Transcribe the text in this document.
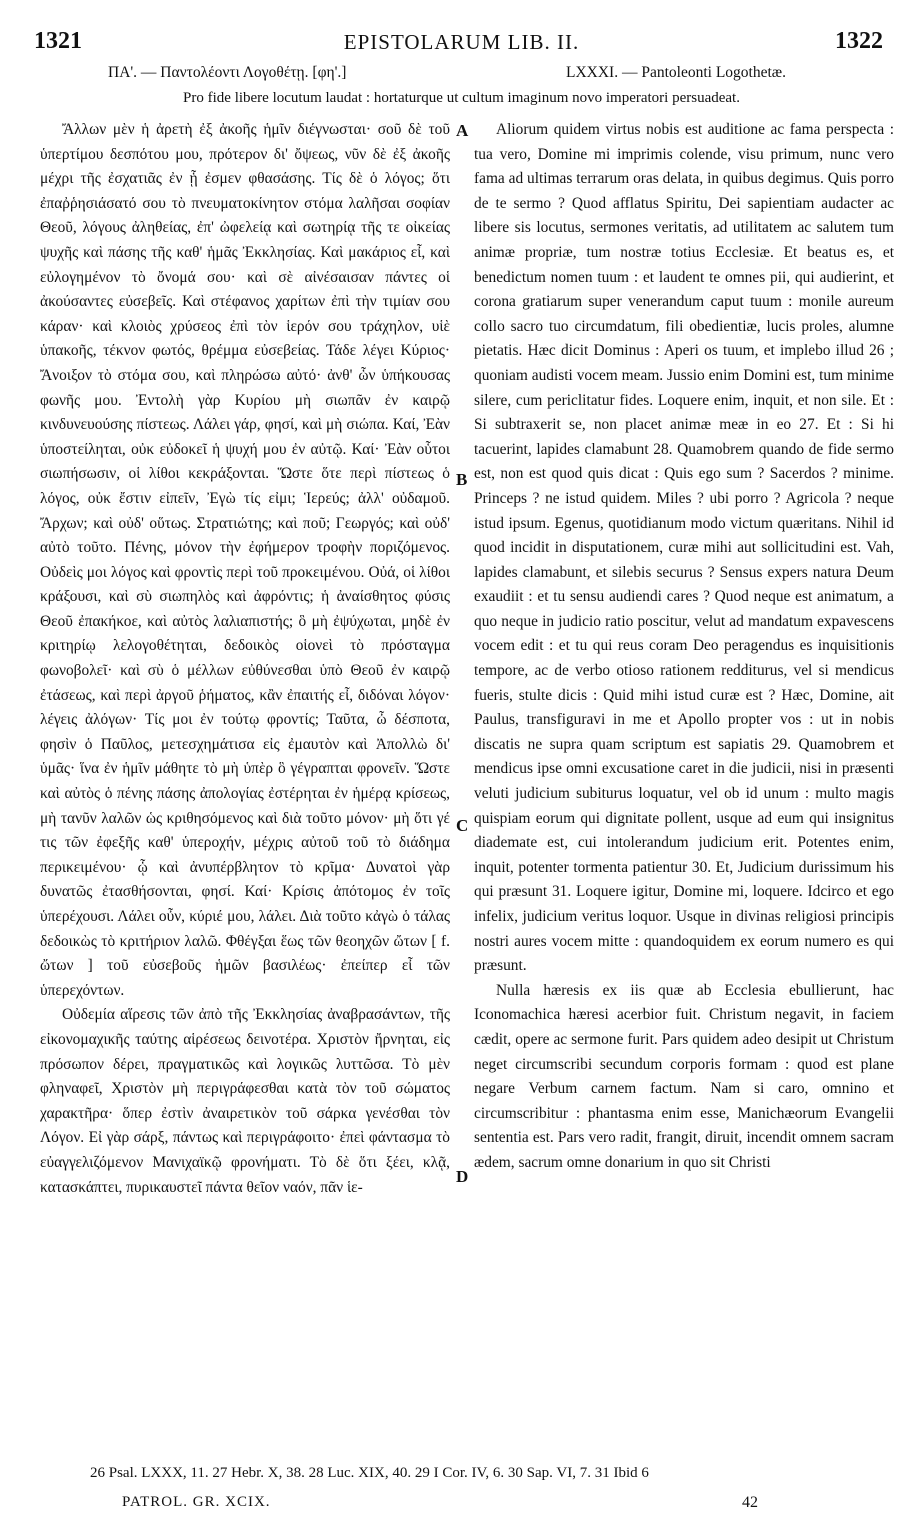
1321	EPISTOLARUM LIB. II.	1322
ΠΑ'. — Παντολέοντι Λογοθέτῃ. [φη'.]	LXXXI. — Pantoleonti Logothetæ.
Pro fide libere locutum laudat : hortaturque ut cultum imaginum novo imperatori persuadeat.

Ἄλλων μὲν ἡ ἀρετὴ ἐξ ἀκοῆς ἡμῖν διέγνωσται· σοῦ δὲ τοῦ ὑπερτίμου δεσπότου μου, πρότερον δι' ὄψεως, νῦν δὲ ἐξ ἀκοῆς μέχρι τῆς ἐσχατιᾶς ἐν ᾗ ἐσμεν φθασάσης. Τίς δὲ ὁ λόγος; ὅτι ἐπαῤῥησιάσατό σου τὸ πνευματοκίνητον στόμα λαλῆσαι σοφίαν Θεοῦ, λόγους ἀληθείας, ἐπ' ὠφελείᾳ καὶ σωτηρίᾳ τῆς τε οἰκείας ψυχῆς καὶ πάσης τῆς καθ' ἡμᾶς Ἐκκλησίας. Καὶ μακάριος εἶ, καὶ εὐλογημένον τὸ ὄνομά σου· καὶ σὲ αἰνέσαισαν πάντες οἱ ἀκούσαντες εὐσεβεῖς. Καὶ στέφανος χαρίτων ἐπὶ τὴν τιμίαν σου κάραν· καὶ κλοιὸς χρύσεος ἐπὶ τὸν ἱερόν σου τράχηλον, υἱὲ ὑπακοῆς, τέκνον φωτός, θρέμμα εὐσεβείας. Τάδε λέγει Κύριος· Ἄνοιξον τὸ στόμα σου, καὶ πληρώσω αὐτό· ἀνθ' ὧν ὑπήκουσας φωνῆς μου. Ἐντολὴ γὰρ Κυρίου μὴ σιωπᾶν ἐν καιρῷ κινδυνευούσης πίστεως. Λάλει γάρ, φησί, καὶ μὴ σιώπα. Καί, Ἐὰν ὑποστείληται, οὐκ εὐδοκεῖ ἡ ψυχή μου ἐν αὐτῷ. Καί· Ἐὰν οὗτοι σιωπήσωσιν, οἱ λίθοι κεκράξονται. Ὥστε ὅτε περὶ πίστεως ὁ λόγος, οὐκ ἔστιν εἰπεῖν, Ἐγὼ τίς εἰμι; Ἱερεύς; ἀλλ' οὐδαμοῦ. Ἄρχων; καὶ οὐδ' οὕτως. Στρατιώτης; καὶ ποῦ; Γεωργός; καὶ οὐδ' αὐτὸ τοῦτο. Πένης, μόνον τὴν ἐφήμερον τροφὴν ποριζόμενος. Οὐδεὶς μοι λόγος καὶ φροντὶς περὶ τοῦ προκειμένου. Οὐά, οἱ λίθοι κράξουσι, καὶ σὺ σιωπηλὸς καὶ ἀφρόντις; ἡ ἀναίσθητος φύσις Θεοῦ ἐπακήκοε, καὶ αὐτὸς λαλιαπιστής; ὃ μὴ ἐψύχωται, μηδὲ ἐν κριτηρίῳ λελογοθέτηται, δεδοικὸς οἱονεὶ τὸ πρόσταγμα φωνοβολεῖ· καὶ σὺ ὁ μέλλων εὐθύνεσθαι ὑπὸ Θεοῦ ἐν καιρῷ ἐτάσεως, καὶ περὶ ἀργοῦ ῥήματος, κἂν ἐπαιτής εἶ, διδόναι λόγον· λέγεις ἀλόγων· Τίς μοι ἐν τούτῳ φροντίς; Ταῦτα, ὦ δέσποτα, φησὶν ὁ Παῦλος, μετεσχημάτισα εἰς ἐμαυτὸν καὶ Ἀπολλὼ δι' ὑμᾶς· ἵνα ἐν ἡμῖν μάθητε τὸ μὴ ὑπὲρ ὃ γέγραπται φρονεῖν. Ὥστε καὶ αὐτὸς ὁ πένης πάσης ἀπολογίας ἐστέρηται ἐν ἡμέρᾳ κρίσεως, μὴ τανῦν λαλῶν ὡς κριθησόμενος καὶ διὰ τοῦτο μόνον· μὴ ὅτι γέ τις τῶν ἐφεξῆς καθ' ὑπεροχήν, μέχρις αὐτοῦ τοῦ τὸ διάδημα περικειμένου· ᾧ καὶ ἀνυπέρβλητον τὸ κρῖμα· Δυνατοὶ γὰρ δυνατῶς ἐτασθήσονται, φησί. Καί· Κρίσις ἀπότομος ἐν τοῖς ὑπερέχουσι. Λάλει οὖν, κύριέ μου, λάλει. Διὰ τοῦτο κἀγὼ ὁ τάλας δεδοικὼς τὸ κριτήριον λαλῶ. Φθέγξαι ἕως τῶν θεοηχῶν ὤτων [ f. ὤτων ] τοῦ εὐσεβοῦς ἡμῶν βασιλέως· ἐπείπερ εἶ τῶν ὑπερεχόντων.

Οὐδεμία αἵρεσις τῶν ἀπὸ τῆς Ἐκκλησίας ἀναβρασάντων, τῆς εἰκονομαχικῆς ταύτης αἱρέσεως δεινοτέρα. Χριστὸν ἤρνηται, εἰς πρόσωπον δέρει, πραγματικῶς καὶ λογικῶς λυττῶσα. Τὸ μὲν φληναφεῖ, Χριστὸν μὴ περιγράφεσθαι κατὰ τὸν τοῦ σώματος χαρακτῆρα· ὅπερ ἐστὶν ἀναιρετικὸν τοῦ σάρκα γενέσθαι τὸν Λόγον. Εἰ γὰρ σάρξ, πάντως καὶ περιγράφοιτο· ἐπεὶ φάντασμα τὸ εὐαγγελιζόμενον Μανιχαϊκῷ φρονήματι. Τὸ δὲ ὅτι ξέει, κλᾷ, κατασκάπτει, πυρικαυστεῖ πάντα θεῖον ναόν, πᾶν ἱε-

Aliorum quidem virtus nobis est auditione ac fama perspecta : tua vero, Domine mi imprimis colende, visu primum, nunc vero fama ad ultimas terrarum oras delata, in quibus degimus. Quis porro de te sermo ? Quod afflatus Spiritu, Dei sapientiam audacter ac libere sis locutus, sermones veritatis, ad utilitatem ac salutem tum animæ propriæ, tum nostræ totius Ecclesiæ. Et beatus es, et benedictum nomen tuum : et laudent te omnes pii, qui audierint, et corona gratiarum super venerandum caput tuum : monile aureum collo sacro tuo circumdatum, fili obedientiæ, lucis proles, alumne pietatis. Hæc dicit Dominus : Aperi os tuum, et implebo illud 26 ; quoniam audisti vocem meam. Jussio enim Domini est, tum minime silere, cum periclitatur fides. Loquere enim, inquit, et non sile. Et : Si subtraxerit se, non placet animæ meæ in eo 27. Et : Si hi tacuerint, lapides clamabunt 28. Quamobrem quando de fide sermo est, non est quod quis dicat : Quis ego sum ? Sacerdos ? minime. Princeps ? ne istud quidem. Miles ? ubi porro ? Agricola ? neque istud ipsum. Egenus, quotidianum modo victum quæritans. Nihil id quod incidit in disputationem, curæ mihi aut sollicitudini est. Vah, lapides clamabunt, et silebis securus ? Sensus expers natura Deum exaudiit : et tu sensu audiendi cares ? Quod neque est animatum, a quo neque in judicio ratio poscitur, velut ad mandatum expavescens vocem edit : et tu qui reus coram Deo peragendus es inquisitionis tempore, ac de verbo otioso rationem redditurus, vel si mendicus fueris, stulte dicis : Quid mihi istud curæ est ? Hæc, Domine, ait Paulus, transfiguravi in me et Apollo propter vos : ut in nobis discatis ne supra quam scriptum est sapiatis 29. Quamobrem et mendicus ipse omni excusatione caret in die judicii, nisi in præsenti veluti judicium subiturus loquatur, vel ob id unum : multo magis quispiam eorum qui dignitate pollent, usque ad eum qui insignitus diademate est, cui intolerandum judicium erit. Potentes enim, inquit, potenter tormenta patientur 30. Et, Judicium durissimum his qui præsunt 31. Loquere igitur, Domine mi, loquere. Idcirco et ego infelix, judicium veritus loquor. Usque in divinas religiosi principis nostri aures vocem mitte : quandoquidem ex eorum numero es qui præsunt.

Nulla hæresis ex iis quæ ab Ecclesia ebullierunt, hac Iconomachica hæresi acerbior fuit. Christum negavit, in faciem cædit, opere ac sermone furit. Pars quidem adeo desipit ut Christum neget circumscribi secundum corporis formam : quod est plane negare Verbum carnem factum. Nam si caro, omnino et circumscribitur : phantasma enim esse, Manichæorum Evangelii sententia est. Pars vero radit, frangit, diruit, incendit omnem sacram ædem, sacrum omne donarium in quo sit Christi

A
B
C
D
26 Psal. LXXX, 11. 27 Hebr. X, 38. 28 Luc. XIX, 40. 29 I Cor. IV, 6. 30 Sap. VI, 7. 31 Ibid 6
PATROL. GR. XCIX.	42
